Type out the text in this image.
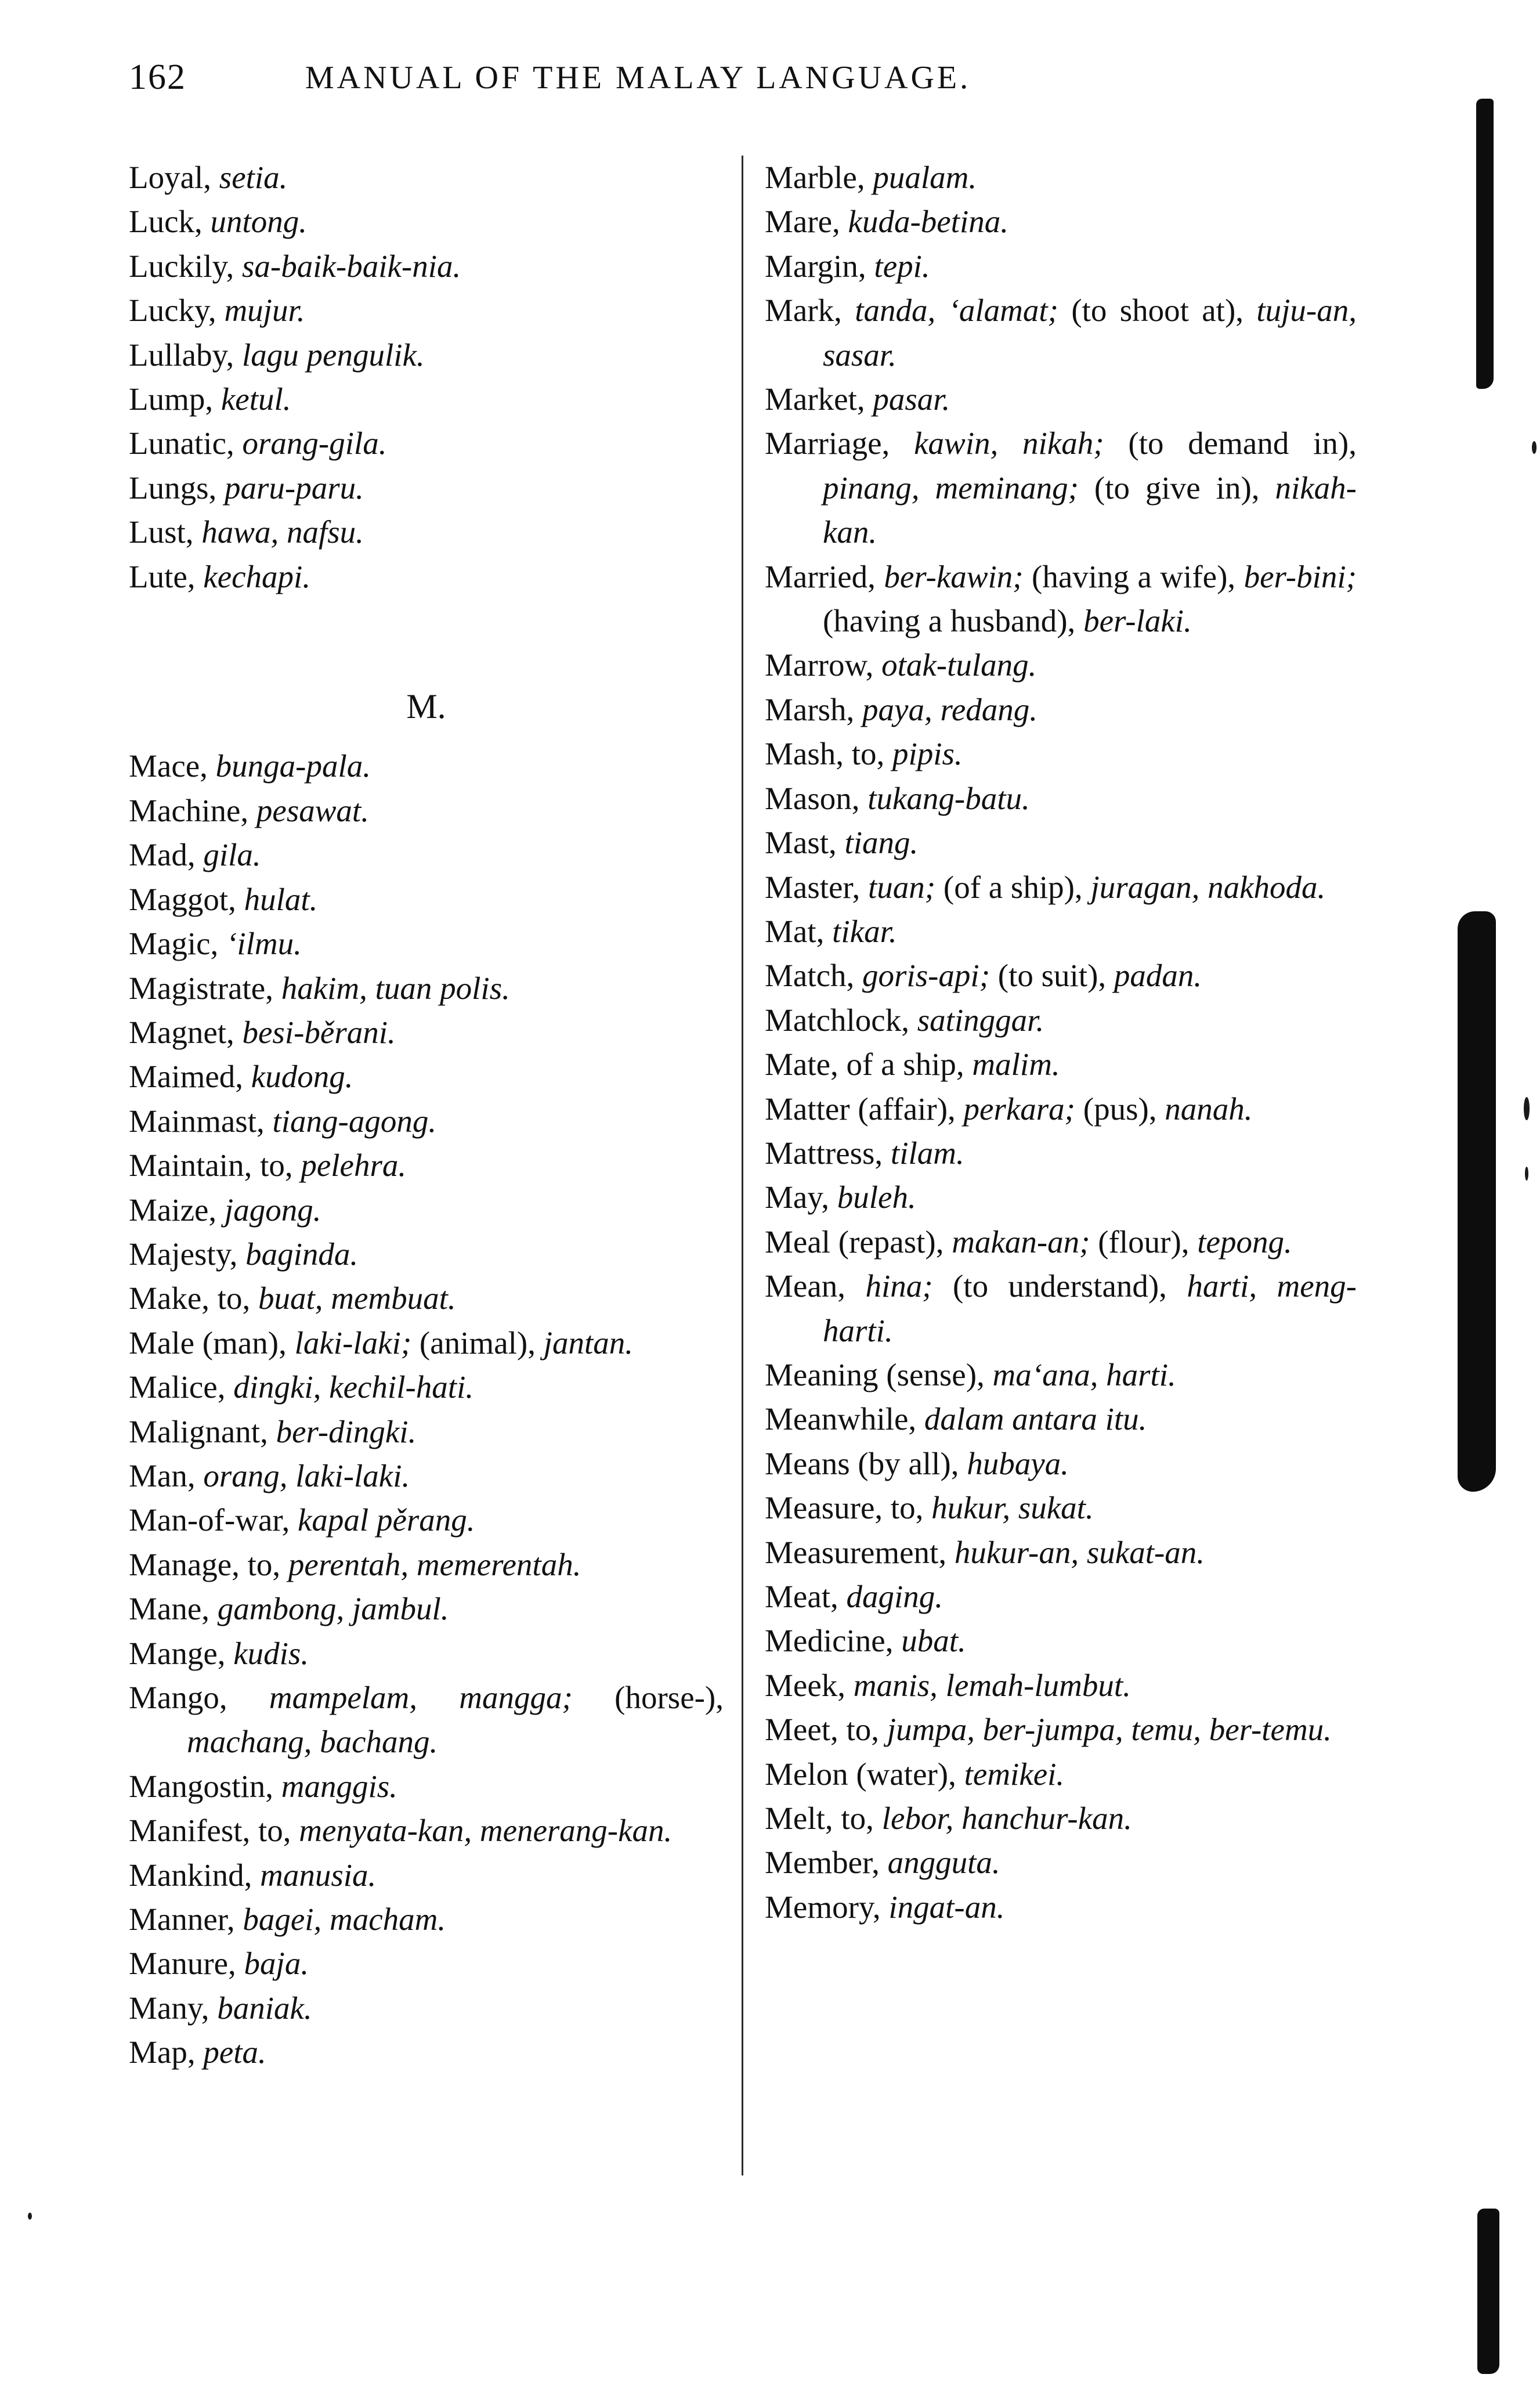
162	MANUAL OF THE MALAY LANGUAGE.
Loyal, setia.
Luck, untong.
Luckily, sa-baik-baik-nia.
Lucky, mujur.
Lullaby, lagu pengulik.
Lump, ketul.
Lunatic, orang-gila.
Lungs, paru-paru.
Lust, hawa, nafsu.
Lute, kechapi.
M.
Mace, bunga-pala.
Machine, pesawat.
Mad, gila.
Maggot, hulat.
Magic, ‘ilmu.
Magistrate, hakim, tuan polis.
Magnet, besi-běrani.
Maimed, kudong.
Mainmast, tiang-agong.
Maintain, to, pelehra.
Maize, jagong.
Majesty, baginda.
Make, to, buat, membuat.
Male (man), laki-laki; (animal), jantan.
Malice, dingki, kechil-hati.
Malignant, ber-dingki.
Man, orang, laki-laki.
Man-of-war, kapal pěrang.
Manage, to, perentah, memerentah.
Mane, gambong, jambul.
Mange, kudis.
Mango, mampelam, mangga; (horse-), machang, bachang.
Mangostin, manggis.
Manifest, to, menyata-kan, menerang-kan.
Mankind, manusia.
Manner, bagei, macham.
Manure, baja.
Many, baniak.
Map, peta.
Marble, pualam.
Mare, kuda-betina.
Margin, tepi.
Mark, tanda, ‘alamat; (to shoot at), tuju-an, sasar.
Market, pasar.
Marriage, kawin, nikah; (to demand in), pinang, meminang; (to give in), nikah-kan.
Married, ber-kawin; (having a wife), ber-bini; (having a husband), ber-laki.
Marrow, otak-tulang.
Marsh, paya, redang.
Mash, to, pipis.
Mason, tukang-batu.
Mast, tiang.
Master, tuan; (of a ship), juragan, nakhoda.
Mat, tikar.
Match, goris-api; (to suit), padan.
Matchlock, satinggar.
Mate, of a ship, malim.
Matter (affair), perkara; (pus), nanah.
Mattress, tilam.
May, buleh.
Meal (repast), makan-an; (flour), tepong.
Mean, hina; (to understand), harti, meng-harti.
Meaning (sense), ma‘ana, harti.
Meanwhile, dalam antara itu.
Means (by all), hubaya.
Measure, to, hukur, sukat.
Measurement, hukur-an, sukat-an.
Meat, daging.
Medicine, ubat.
Meek, manis, lemah-lumbut.
Meet, to, jumpa, ber-jumpa, temu, ber-temu.
Melon (water), temikei.
Melt, to, lebor, hanchur-kan.
Member, angguta.
Memory, ingat-an.
